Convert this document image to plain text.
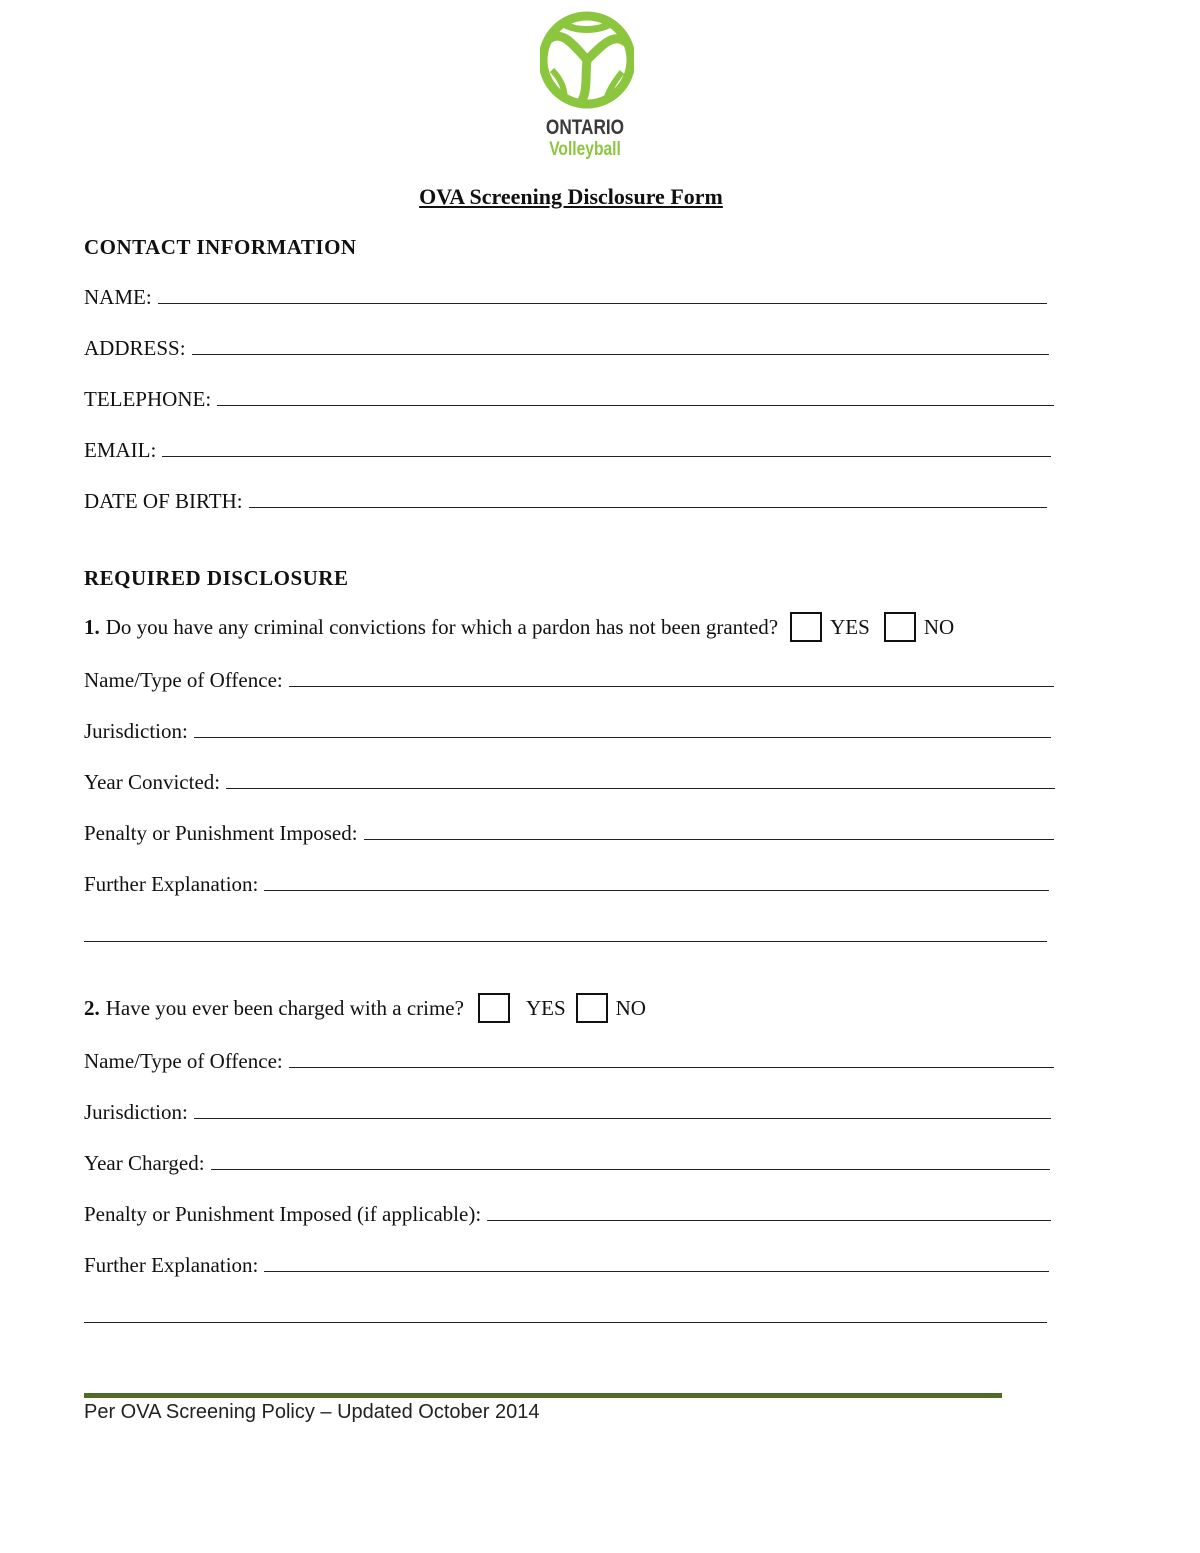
ONTARIO
Volleyball
OVA Screening Disclosure Form
CONTACT INFORMATION
NAME:
ADDRESS:
TELEPHONE:
EMAIL:
DATE OF BIRTH:
REQUIRED DISCLOSURE
1. Do you have any criminal convictions for which a pardon has not been granted? YES	NO
Name/Type of Offence:
Jurisdiction:
Year Convicted:
Penalty or Punishment Imposed:
Further Explanation:
2. Have you ever been charged with a crime?	YES NO
Name/Type of Offence:
Jurisdiction:
Year Charged:
Penalty or Punishment Imposed (if applicable):
Further Explanation:
Per OVA Screening Policy – Updated October 2014
